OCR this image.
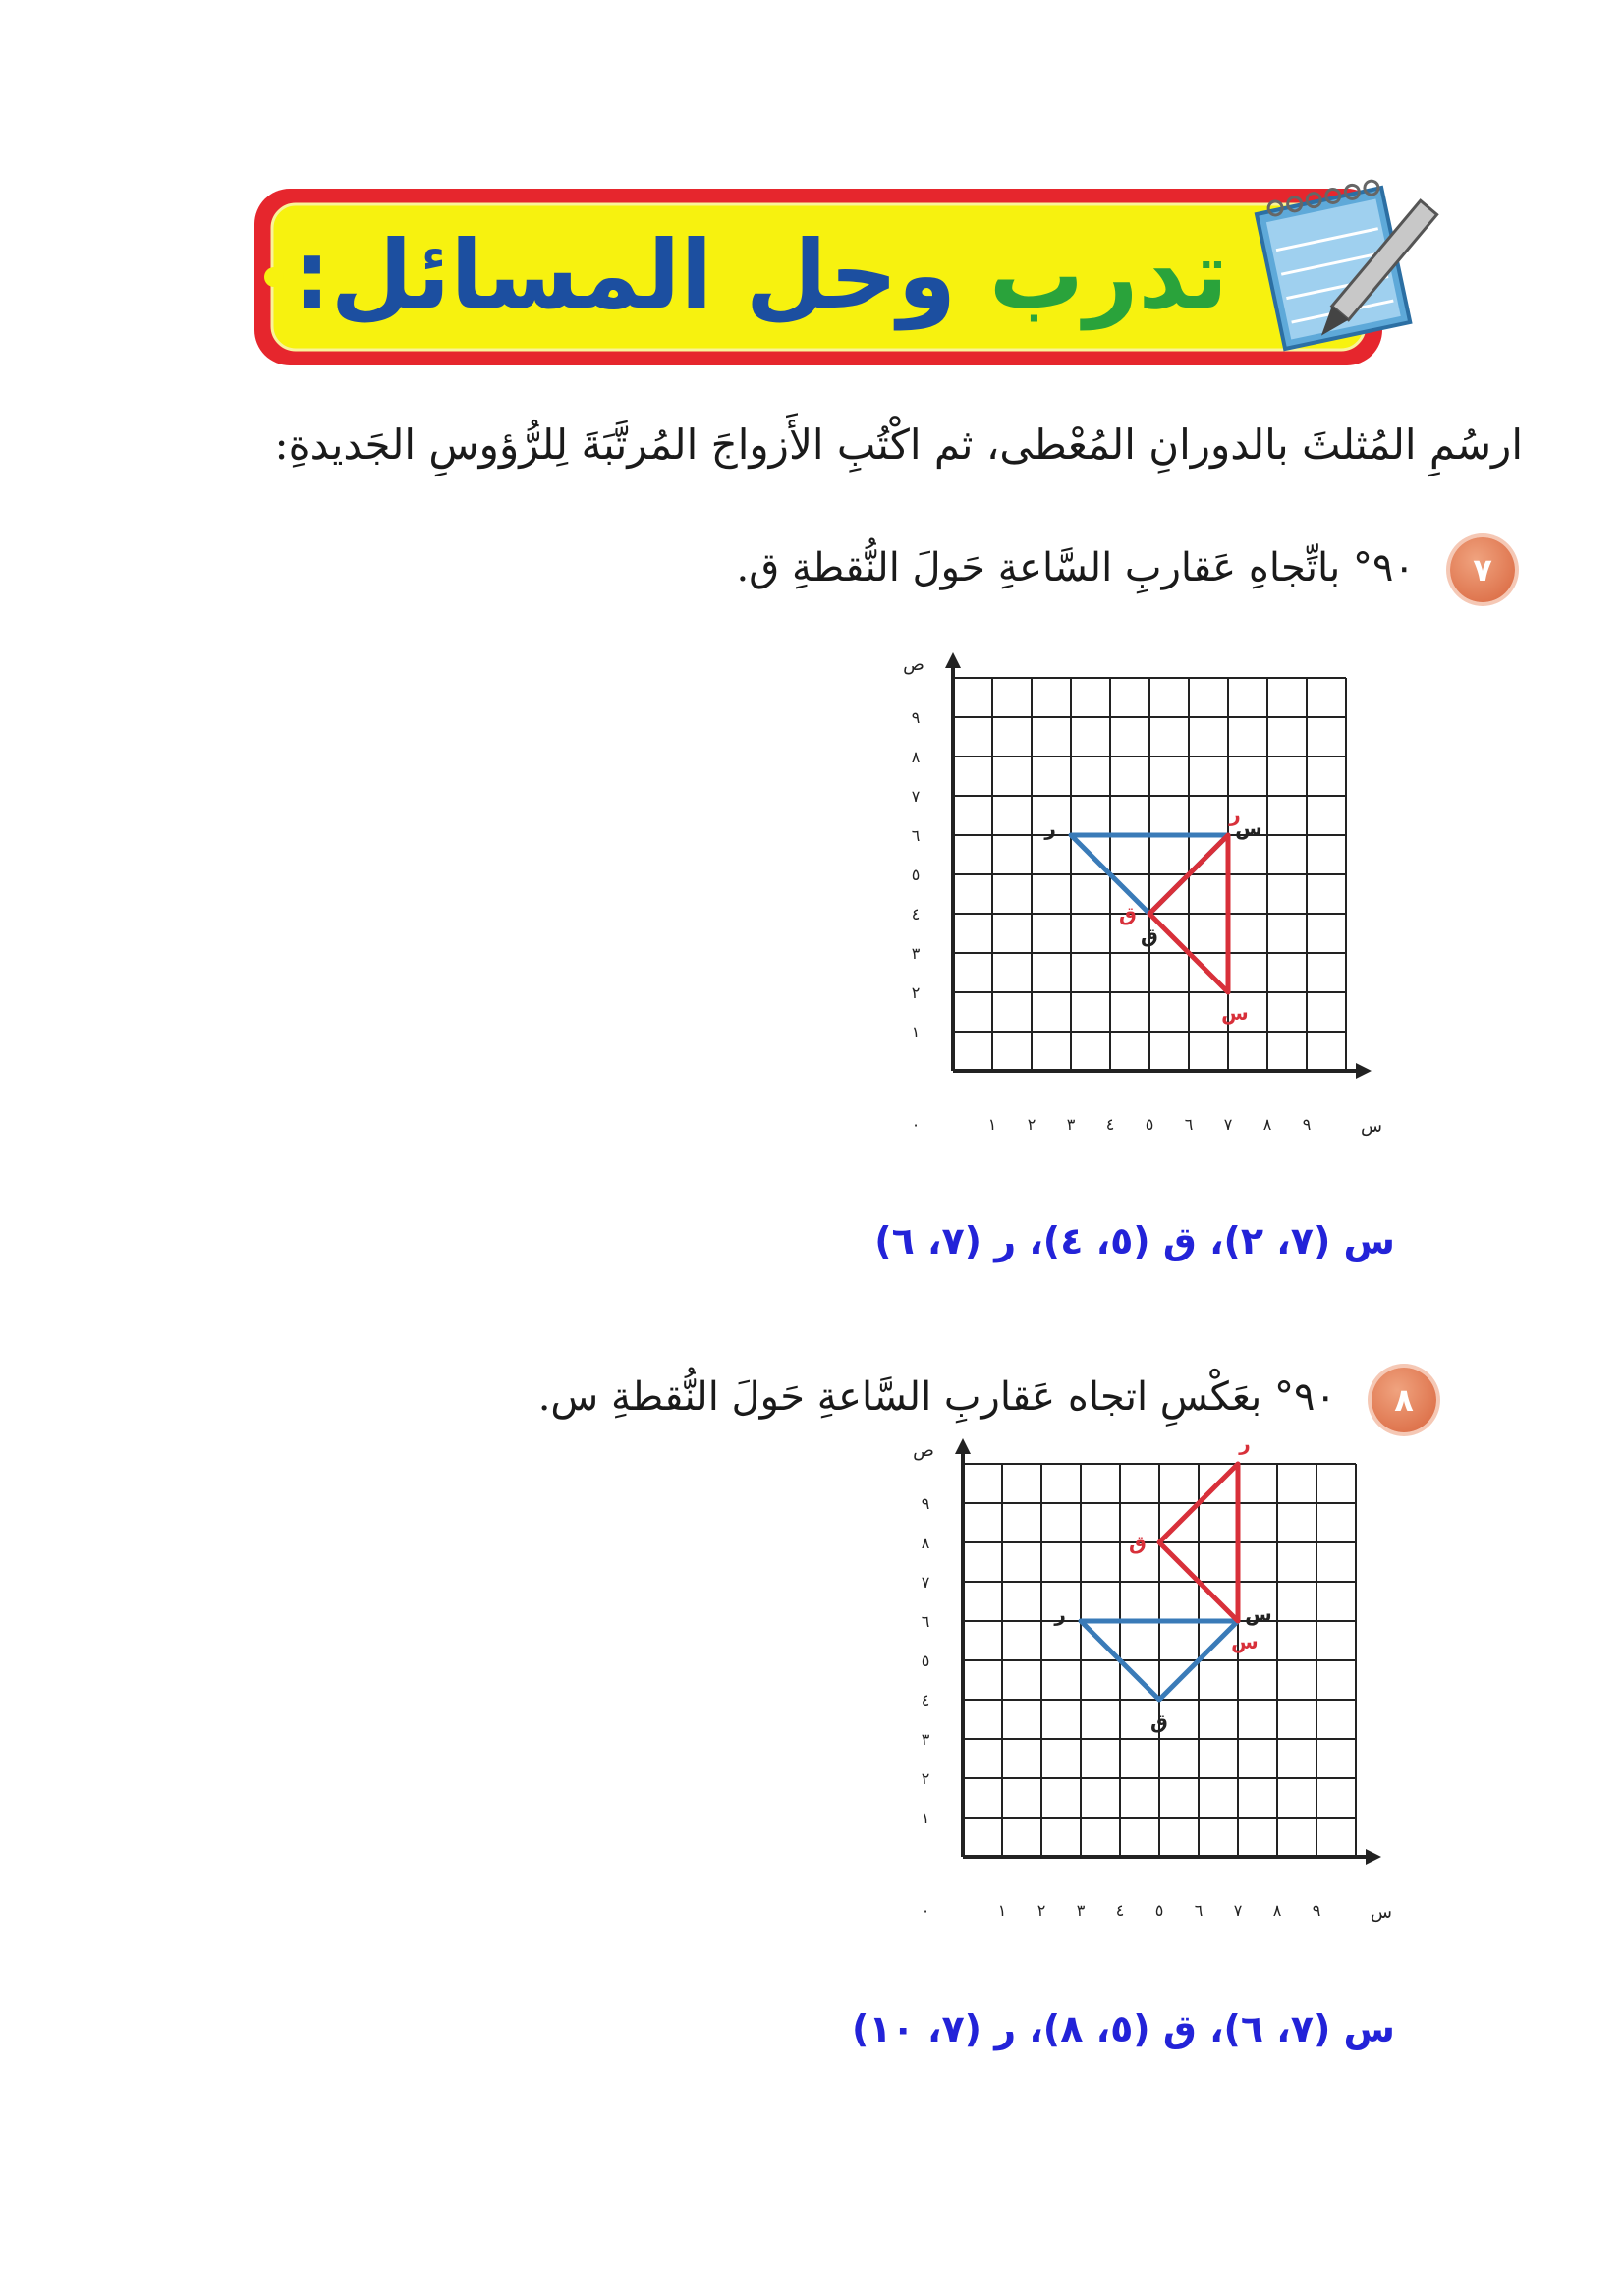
تدرب وحل المسائل:
ارسُمِ المُثلثَ بالدورانِ المُعْطى، ثم اكْتُبِ الأَزواجَ المُرتَّبَةَ لِلرُّؤوسِ الجَديدةِ:
٧
٩٠° باتِّجاهِ عَقاربِ السَّاعةِ حَولَ النُّقطةِ ق.
١ ٢ ٣ ٤ ٥ ٦ ٧ ٨ ٩
١
٢
٣
٤
٥
٦
٧
٨
٩
٠	س
ص
س
ق
ر
س
ق
ر
س (٧، ٢)، ق (٥، ٤)، ر (٧، ٦)
٨
٩٠° بعَكْسِ اتجاه عَقاربِ السَّاعةِ حَولَ النُّقطةِ س.
١ ٢ ٣ ٤ ٥ ٦ ٧ ٨ ٩
١
٢
٣
٤
٥
٦
٧
٨
٩
٠	س
ص
س
ق
ر
س
ق
ر
س (٧، ٦)، ق (٥، ٨)، ر (٧، ١٠)
